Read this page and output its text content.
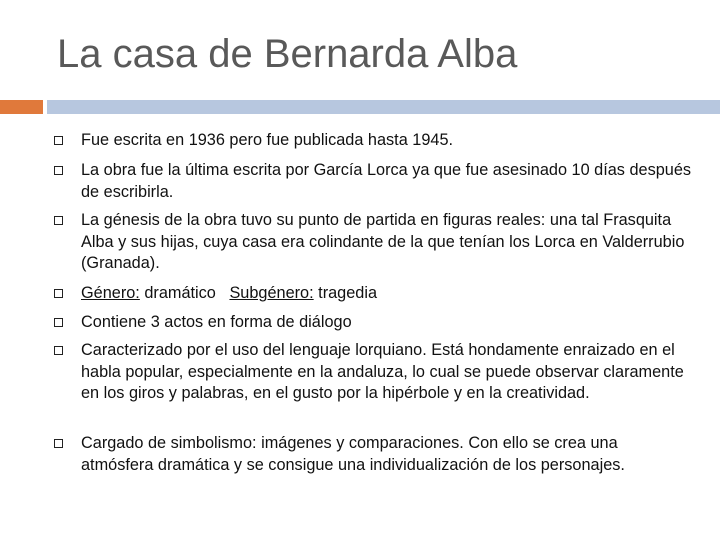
La casa de Bernarda Alba
Fue escrita en 1936 pero fue publicada hasta 1945.
La obra fue la última escrita por García Lorca ya que fue asesinado 10 días después de escribirla.
La génesis de la obra tuvo su punto de partida en figuras reales: una tal Frasquita Alba y sus hijas, cuya casa era colindante de la que tenían los Lorca en Valderrubio (Granada).
Género: dramático   Subgénero: tragedia
Contiene 3 actos en forma de diálogo
Caracterizado por el uso del lenguaje lorquiano. Está hondamente enraizado en el habla popular, especialmente en la andaluza, lo cual se puede observar claramente en los giros y palabras, en el gusto por la hipérbole y en la creatividad.
Cargado de simbolismo: imágenes y comparaciones. Con ello se crea una atmósfera dramática y se consigue una individualización de los personajes.
